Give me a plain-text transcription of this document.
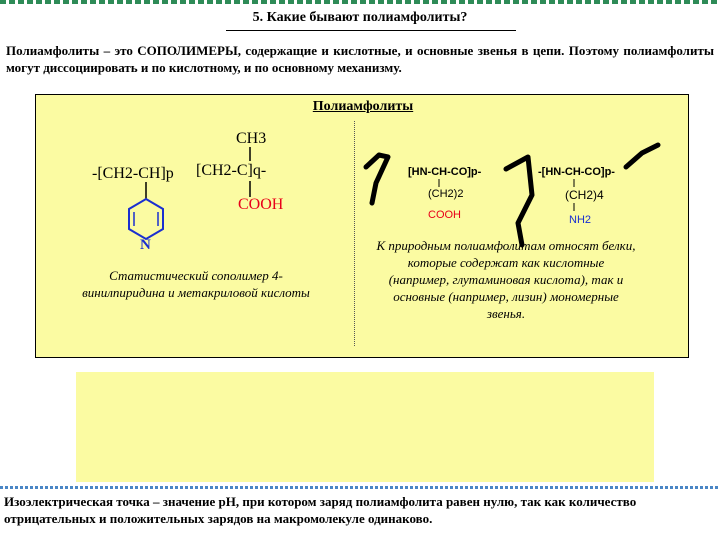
5. Какие бывают полиамфолиты?
Полиамфолиты – это СОПОЛИМЕРЫ, содержащие и кислотные, и основные звенья в цепи. Поэтому полиамфолиты могут диссоциировать и по кислотному, и по основному механизму.
Полиамфолиты
CH3
-[CH2-CH]p [CH2-C]q-
COOH
N
[HN-CH-CO]p-
(CH2)2
COOH
-[HN-CH-CO]p-
(CH2)4
NH2
Статистический сополимер 4-винилпиридина и метакриловой кислоты
К природным полиамфолитам относят белки, которые содержат как кислотные (например, глутаминовая кислота), так и основные (например, лизин) мономерные звенья.
Изоэлектрическая точка – значение рН, при котором заряд полиамфолита равен нулю, так как количество отрицательных и положительных зарядов на макромолекуле одинаково.
